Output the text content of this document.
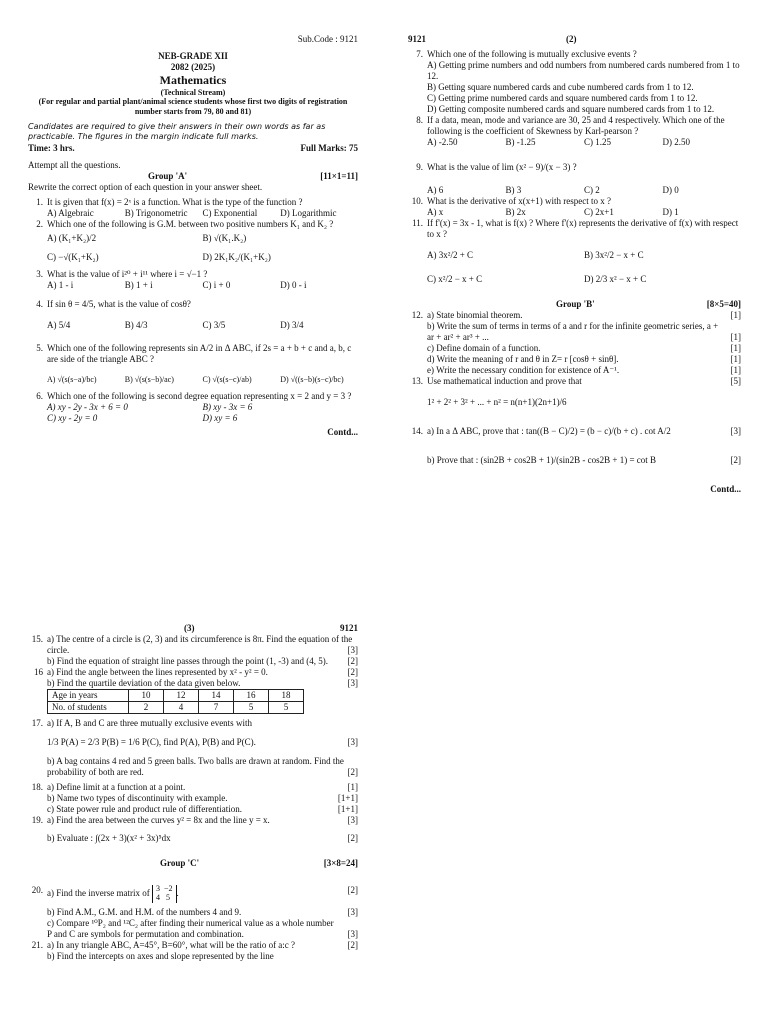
Sub.Code : 9121
NEB-GRADE XII
2082 (2025)
Mathematics
(Technical Stream)
(For regular and partial plant/animal science students whose first two digits of registration number starts from 79, 80 and 81)
Candidates are required to give their answers in their own words as far as practicable. The figures in the margin indicate full marks.
Time: 3 hrs.	Full Marks: 75
Attempt all the questions.
Group 'A'	[11×1=11]

Rewrite the correct option of each question in your answer sheet.
1. It is given that f(x) = 2ˣ is a function. What is the type of the function ?
A) Algebraic	B) Trigonometric	C) Exponential	D) Logarithmic
2. Which one of the following is G.M. between two positive numbers K₁ and K₂ ?
A) (K₁+K₂)/2	B) √(K₁.K₂)
C) −√(K₁+K₂)	D) 2K₁K₂/(K₁+K₂)
3. What is the value of i²⁰ + i¹¹ where i = √−1 ?
A) 1 - i	B) 1 + i	C) i + 0	D) 0 - i
4. If sin θ = 4/5, what is the value of cosθ?
A) 5/4	B) 4/3	C) 3/5	D) 3/4
5. Which one of the following represents sin A/2 in Δ ABC, if 2s = a + b + c and a, b, c are side of the triangle ABC ?
A) √(s(s−a)/bc)	B) √(s(s−b)/ac)	C) √(s(s−c)/ab)	D) √((s−b)(s−c)/bc)
6. Which one of the following is second degree equation representing x = 2 and y = 3 ?
A) xy - 2y - 3x + 6 = 0	B) xy - 3x = 6
C) xy - 2y = 0	D) xy = 6
Contd...
9121	(2)

7. Which one of the following is mutually exclusive events ?
A) Getting prime numbers and odd numbers from numbered cards numbered from 1 to 12.
B) Getting square numbered cards and cube numbered cards from 1 to 12.
C) Getting prime numbered cards and square numbered cards from 1 to 12.
D) Getting composite numbered cards and square numbered cards from 1 to 12.
8. If a data, mean, mode and variance are 30, 25 and 4 respectively. Which one of the following is the coefficient of Skewness by Karl-pearson ?
A) -2.50	B) -1.25	C) 1.25	D) 2.50
9. What is the value of lim (x² − 9)/(x − 3) ?
A) 6	B) 3	C) 2	D) 0
10. What is the derivative of x(x+1) with respect to x ?
A) x	B) 2x	C) 2x+1	D) 1
11. If f'(x) = 3x - 1, what is f(x) ? Where f'(x) represents the derivative of f(x) with respect to x ?
A) 3x²/2 + C	B) 3x²/2 − x + C
C) x²/2 − x + C	D) 2/3 x² − x + C
Group 'B'	[8×5=40]

12. a) State binomial theorem.	[1]
b) Write the sum of terms in terms of a and r for the infinite geometric series, a + ar + ar² + ar³ + ...	[1]
c) Define domain of a function.	[1]
d) Write the meaning of r and θ in Z= r [cosθ + sinθ].	[1]
e) Write the necessary condition for existence of A⁻¹.	[1]
13. Use mathematical induction and prove that	[5]
1² + 2² + 3² + ... + n² = n(n+1)(2n+1)/6
14. a) In a Δ ABC, prove that : tan((B − C)/2) = (b − c)/(b + c) . cot A/2	[3]
b) Prove that : (sin2B + cos2B + 1)/(sin2B - cos2B + 1) = cot B	[2]
Contd...
(3)	9121

15. a) The centre of a circle is (2, 3) and its circumference is 8π. Find the equation of the circle.	[3]
b) Find the equation of straight line passes through the point (1, -3) and (4, 5).	[2]
16 a) Find the angle between the lines represented by x² - y² = 0.	[2]
b) Find the quartile deviation of the data given below.	[3]
Age in years	10	12	14	16	18
No. of students	2	4	7	5	5
17. a) If A, B and C are three mutually exclusive events with
1/3 P(A) = 2/3 P(B) = 1/6 P(C), find P(A), P(B) and P(C).	[3]
b) A bag contains 4 red and 5 green balls. Two balls are drawn at random. Find the probability of both are red.	[2]
18. a) Define limit at a function at a point.	[1]
b) Name two types of discontinuity with example.	[1+1]
c) State power rule and product rule of differentiation.	[1+1]
19. a) Find the area between the curves y² = 8x and the line y = x.	[3]
b) Evaluate : ∫(2x + 3)(x² + 3x)⁵dx	[2]
Group 'C'	[3×8=24]

20. a) Find the inverse matrix of 3 −2
4 5 .	[2]
b) Find A.M., G.M. and H.M. of the numbers 4 and 9.	[3]
c) Compare ¹⁰P₂ and ¹²C₂ after finding their numerical value as a whole number P and C are symbols for permutation and combination.	[3]
21. a) In any triangle ABC, A=45°, B=60°, what will be the ratio of a:c ?	[2]
b) Find the intercepts on axes and slope represented by the line
